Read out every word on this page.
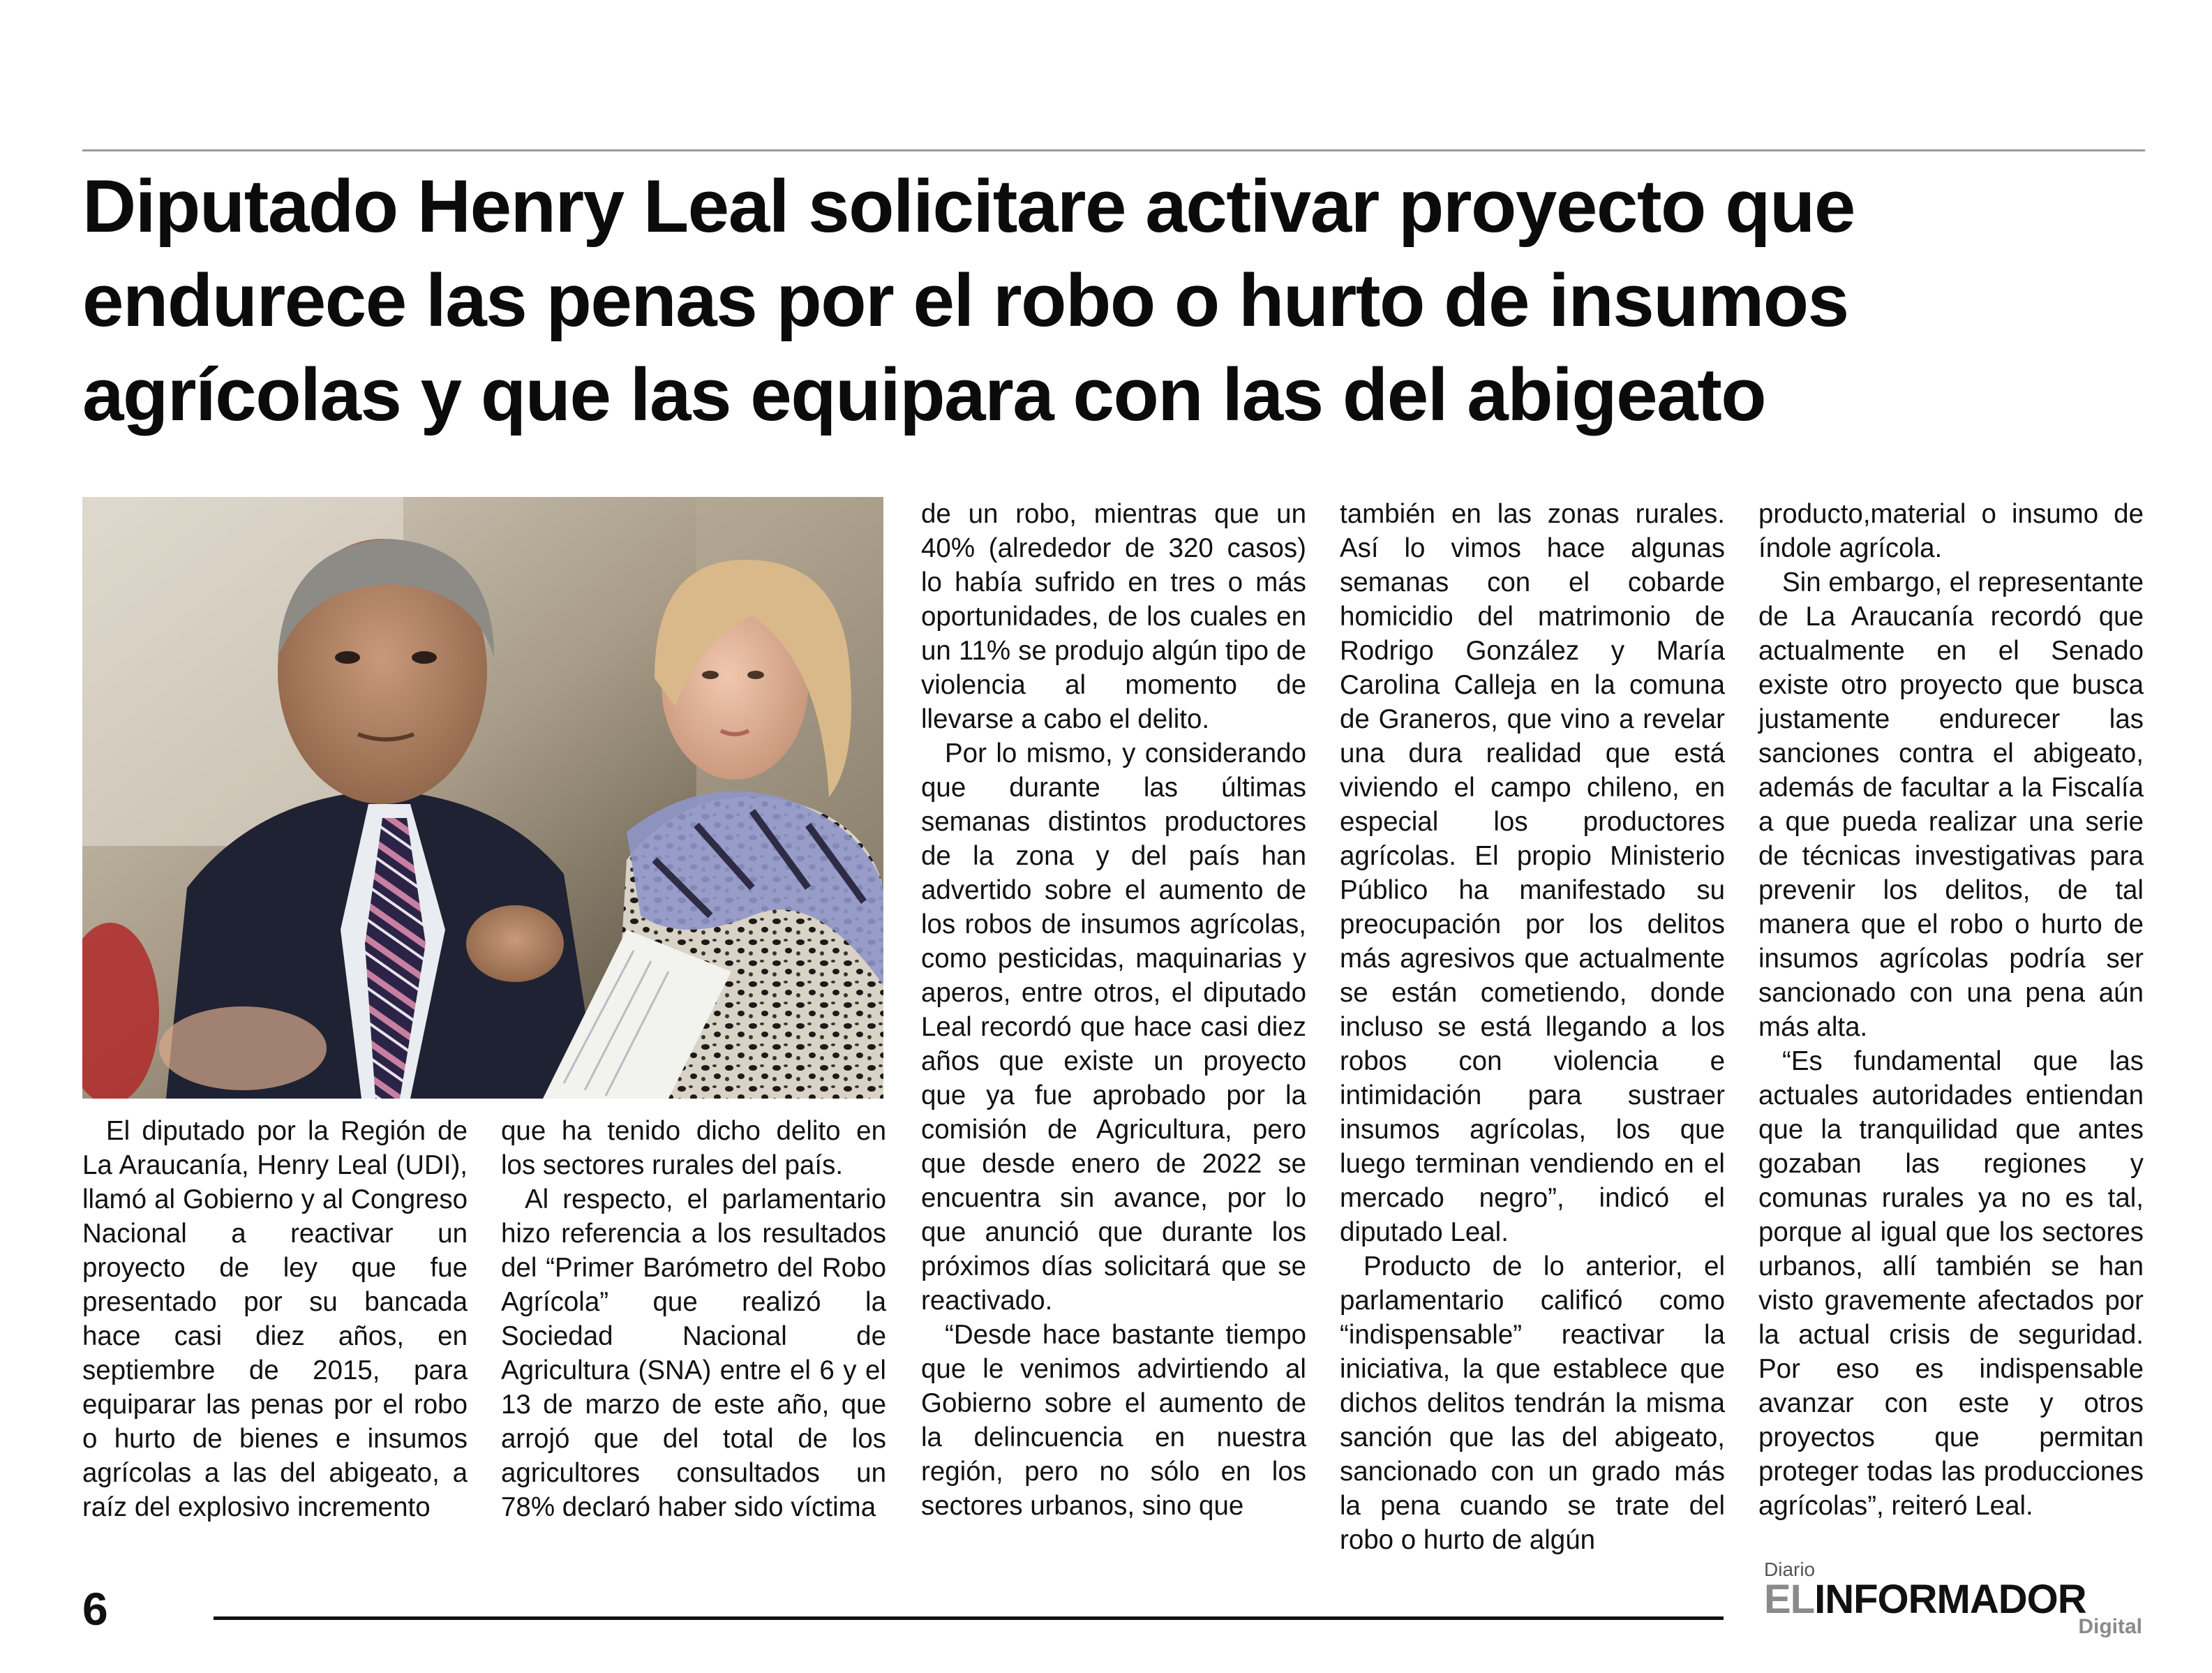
Diputado Henry Leal solicitare activar proyecto que endurece las penas por el robo o hurto de insumos agrícolas y que las equipara con las del abigeato

El diputado por la Región de La Araucanía, Henry Leal (UDI), llamó al Gobierno y al Congreso Nacional a reactivar un proyecto de ley que fue presentado por su bancada hace casi diez años, en septiembre de 2015, para equiparar las penas por el robo o hurto de bienes e insumos agrícolas a las del abigeato, a raíz del explosivo incremento

que ha tenido dicho delito en los sectores rurales del país.

Al respecto, el parlamentario hizo referencia a los resultados del “Primer Barómetro del Robo Agrícola” que realizó la Sociedad Nacional de Agricultura (SNA) entre el 6 y el 13 de marzo de este año, que arrojó que del total de los agricultores consultados un 78% declaró haber sido víctima

de un robo, mientras que un 40% (alrededor de 320 casos) lo había sufrido en tres o más oportunidades, de los cuales en un 11% se produjo algún tipo de violencia al momento de llevarse a cabo el delito.

Por lo mismo, y considerando que durante las últimas semanas distintos productores de la zona y del país han advertido sobre el aumento de los robos de insumos agrícolas, como pesticidas, maquinarias y aperos, entre otros, el diputado Leal recordó que hace casi diez años que existe un proyecto que ya fue aprobado por la comisión de Agricultura, pero que desde enero de 2022 se encuentra sin avance, por lo que anunció que durante los próximos días solicitará que se reactivado.

“Desde hace bastante tiempo que le venimos advirtiendo al Gobierno sobre el aumento de la delincuencia en nuestra región, pero no sólo en los sectores urbanos, sino que

también en las zonas rurales. Así lo vimos hace algunas semanas con el cobarde homicidio del matrimonio de Rodrigo González y María Carolina Calleja en la comuna de Graneros, que vino a revelar una dura realidad que está viviendo el campo chileno, en especial los productores agrícolas. El propio Ministerio Público ha manifestado su preocupación por los delitos más agresivos que actualmente se están cometiendo, donde incluso se está llegando a los robos con violencia e intimidación para sustraer insumos agrícolas, los que luego terminan vendiendo en el mercado negro”, indicó el diputado Leal.

Producto de lo anterior, el parlamentario calificó como “indispensable” reactivar la iniciativa, la que establece que dichos delitos tendrán la misma sanción que las del abigeato, sancionado con un grado más la pena cuando se trate del robo o hurto de algún

producto,material o insumo de índole agrícola.

Sin embargo, el representante de La Araucanía recordó que actualmente en el Senado existe otro proyecto que busca justamente endurecer las sanciones contra el abigeato, además de facultar a la Fiscalía a que pueda realizar una serie de técnicas investigativas para prevenir los delitos, de tal manera que el robo o hurto de insumos agrícolas podría ser sancionado con una pena aún más alta.

“Es fundamental que las actuales autoridades entiendan que la tranquilidad que antes gozaban las regiones y comunas rurales ya no es tal, porque al igual que los sectores urbanos, allí también se han visto gravemente afectados por la actual crisis de seguridad. Por eso es indispensable avanzar con este y otros proyectos que permitan proteger todas las producciones agrícolas”, reiteró Leal.

6
Diario
ELINFORMADOR
Digital
